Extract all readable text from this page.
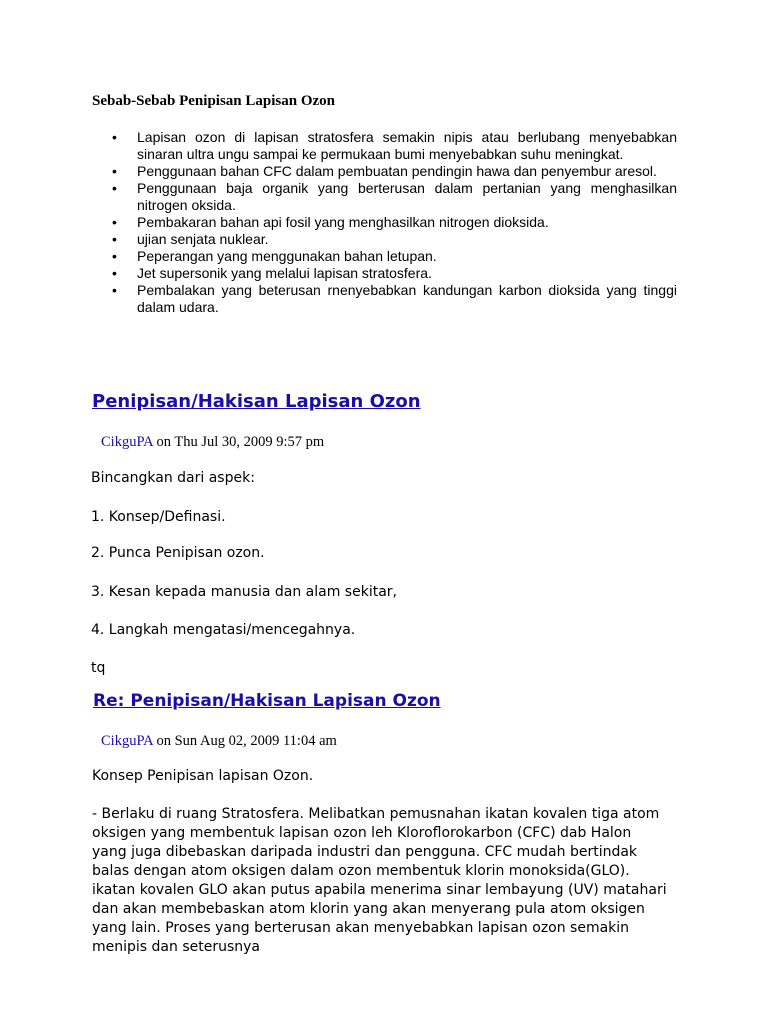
Sebab-Sebab Penipisan Lapisan Ozon
• Lapisan ozon di lapisan stratosfera semakin nipis atau berlubang menyebabkan sinaran ultra ungu sampai ke permukaan bumi menyebabkan suhu meningkat.
• Penggunaan bahan CFC dalam pembuatan pendingin hawa dan penyembur aresol.
• Penggunaan baja organik yang berterusan dalam pertanian yang menghasilkan nitrogen oksida.
• Pembakaran bahan api fosil yang menghasilkan nitrogen dioksida.
• ujian senjata nuklear.
• Peperangan yang menggunakan bahan letupan.
• Jet supersonik yang melalui lapisan stratosfera.
• Pembalakan yang beterusan rnenyebabkan kandungan karbon dioksida yang tinggi dalam udara.
Penipisan/Hakisan Lapisan Ozon
CikguPA on Thu Jul 30, 2009 9:57 pm
Bincangkan dari aspek:
1. Konsep/Definasi.
2. Punca Penipisan ozon.
3. Kesan kepada manusia dan alam sekitar,
4. Langkah mengatasi/mencegahnya.
tq
Re: Penipisan/Hakisan Lapisan Ozon
CikguPA on Sun Aug 02, 2009 11:04 am
Konsep Penipisan lapisan Ozon.
- Berlaku di ruang Stratosfera. Melibatkan pemusnahan ikatan kovalen tiga atom
oksigen yang membentuk lapisan ozon leh Kloroflorokarbon (CFC) dab Halon
yang juga dibebaskan daripada industri dan pengguna. CFC mudah bertindak
balas dengan atom oksigen dalam ozon membentuk klorin monoksida(GLO).
ikatan kovalen GLO akan putus apabila menerima sinar lembayung (UV) matahari
dan akan membebaskan atom klorin yang akan menyerang pula atom oksigen
yang lain. Proses yang berterusan akan menyebabkan lapisan ozon semakin
menipis dan seterusnya
